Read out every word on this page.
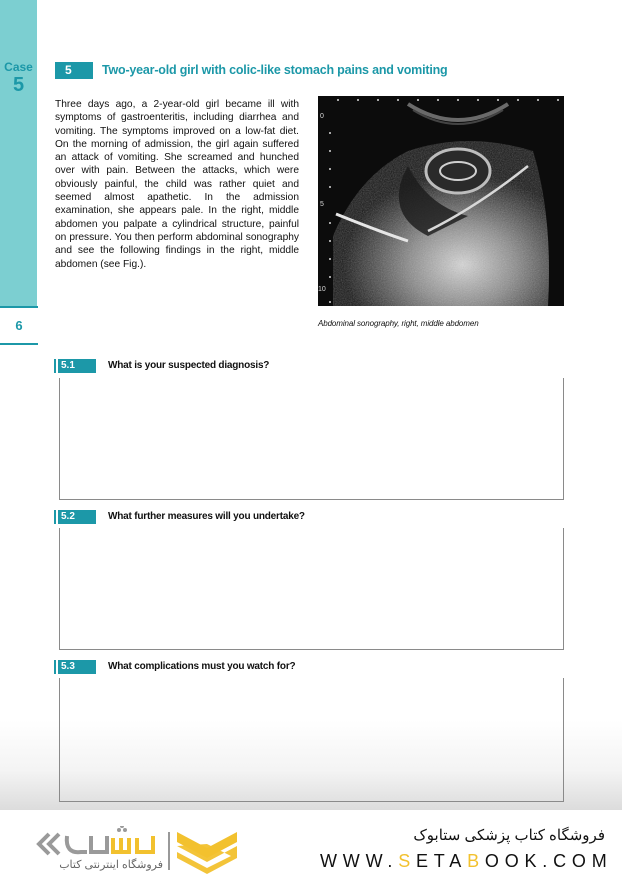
Case
5
6
5	Two-year-old girl with colic-like stomach pains and vomiting

Three days ago, a 2-year-old girl became ill with symptoms of gastroenteritis, including diarrhea and vomiting. The symptoms improved on a low-fat diet. On the morning of admission, the girl again suffered an attack of vomiting. She screamed and hunched over with pain. Between the attacks, which were obviously painful, the child was rather quiet and seemed almost apathetic. In the admission examination, she appears pale. In the right, middle abdomen you palpate a cylindrical structure, painful on pressure. You then perform abdominal sonography and see the following findings in the right, middle abdomen (see Fig.).

0
5
10
Abdominal sonography, right, middle abdomen
5.1	What is your suspected diagnosis?
5.2	What further measures will you undertake?
5.3	What complications must you watch for?
فروشگاه اینترنتی کتاب
فروشگاه کتاب پزشکی ستابوک
WWW.SETABOOK.COM
